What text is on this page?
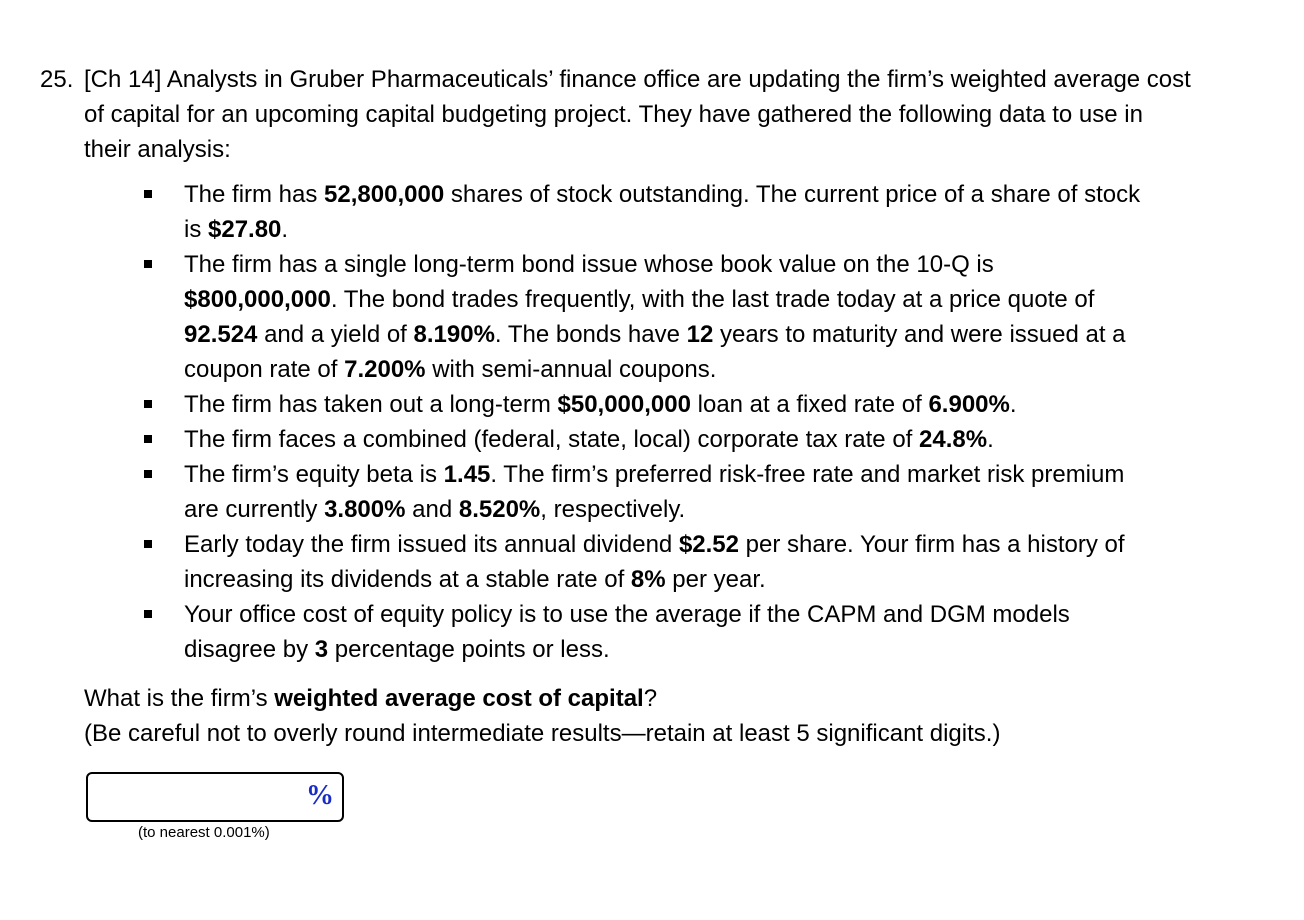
25. [Ch 14] Analysts in Gruber Pharmaceuticals’ finance office are updating the firm’s weighted average cost of capital for an upcoming capital budgeting project. They have gathered the following data to use in their analysis:
The firm has 52,800,000 shares of stock outstanding. The current price of a share of stock is $27.80.
The firm has a single long-term bond issue whose book value on the 10-Q is $800,000,000. The bond trades frequently, with the last trade today at a price quote of 92.524 and a yield of 8.190%. The bonds have 12 years to maturity and were issued at a coupon rate of 7.200% with semi-annual coupons.
The firm has taken out a long-term $50,000,000 loan at a fixed rate of 6.900%.
The firm faces a combined (federal, state, local) corporate tax rate of 24.8%.
The firm’s equity beta is 1.45. The firm’s preferred risk-free rate and market risk premium are currently 3.800% and 8.520%, respectively.
Early today the firm issued its annual dividend $2.52 per share. Your firm has a history of increasing its dividends at a stable rate of 8% per year.
Your office cost of equity policy is to use the average if the CAPM and DGM models disagree by 3 percentage points or less.
What is the firm’s weighted average cost of capital?
(Be careful not to overly round intermediate results—retain at least 5 significant digits.)
%
(to nearest 0.001%)
